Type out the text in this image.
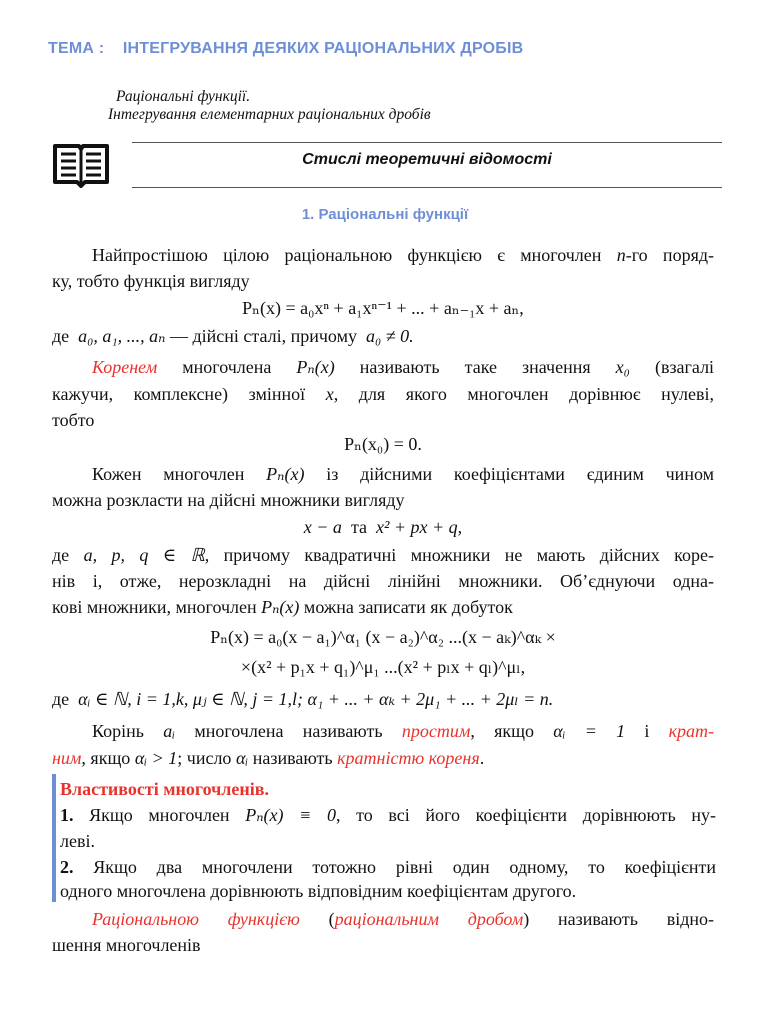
ТЕМА : ІНТЕГРУВАННЯ ДЕЯКИХ РАЦІОНАЛЬНИХ ДРОБІВ
Раціональні функції.
Інтегрування елементарних раціональних дробів
Стислі теоретичні відомості
1. Раціональні функції
Найпростішою цілою раціональною функцією є многочлен n-го поряд-
ку, тобто функція вигляду
Pₙ(x) = a₀xⁿ + a₁xⁿ⁻¹ + ... + aₙ₋₁x + aₙ,
де a₀, a₁, ..., aₙ — дійсні сталі, причому a₀ ≠ 0.
Коренем многочлена Pₙ(x) називають таке значення x₀ (взагалі
кажучи, комплексне) змінної x, для якого многочлен дорівнює нулеві,
тобто
Pₙ(x₀) = 0.
Кожен многочлен Pₙ(x) із дійсними коефіцієнтами єдиним чином
можна розкласти на дійсні множники вигляду
x − a та x² + px + q,
де a, p, q ∈ ℝ, причому квадратичні множники не мають дійсних коре-
нів і, отже, нерозкладні на дійсні лінійні множники. Об’єднуючи одна-
кові множники, многочлен Pₙ(x) можна записати як добуток
Pₙ(x) = a₀(x − a₁)^α₁ (x − a₂)^α₂ ...(x − aₖ)^αₖ ×
×(x² + p₁x + q₁)^μ₁ ...(x² + pₗx + qₗ)^μₗ,
де αᵢ ∈ ℕ, i = 1,k, μⱼ ∈ ℕ, j = 1,l; α₁ + ... + αₖ + 2μ₁ + ... + 2μₗ = n.
Корінь aᵢ многочлена називають простим, якщо αᵢ = 1 і крат-
ним, якщо αᵢ > 1; число αᵢ називають кратністю кореня.
Властивості многочленів.
1. Якщо многочлен Pₙ(x) ≡ 0, то всі його коефіцієнти дорівнюють ну-
леві.
2. Якщо два многочлени тотожно рівні один одному, то коефіцієнти
одного многочлена дорівнюють відповідним коефіцієнтам другого.
Раціональною функцією (раціональним дробом) називають відно-
шення многочленів
